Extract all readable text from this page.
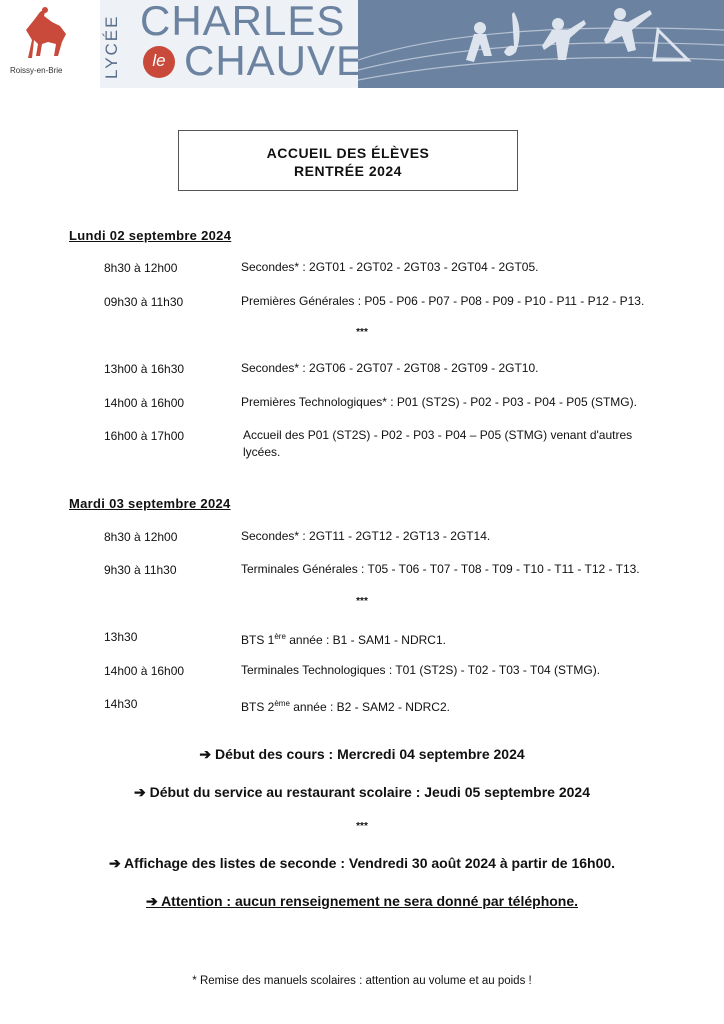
Roissy-en-Brie LYCÉE CHARLES
le CHAUVE
ACCUEIL DES ÉLÈVES
RENTRÉE 2024
Lundi 02 septembre 2024
8h30 à 12h00	Secondes* : 2GT01 - 2GT02 - 2GT03 - 2GT04 - 2GT05.
09h30 à 11h30	Premières Générales : P05 - P06 - P07 - P08 - P09 - P10 - P11 - P12 - P13.
***
13h00 à 16h30	Secondes* : 2GT06 - 2GT07 - 2GT08 - 2GT09 - 2GT10.
14h00 à 16h00	Premières Technologiques* : P01 (ST2S) - P02 - P03 - P04 - P05 (STMG).
16h00 à 17h00	Accueil des P01 (ST2S) - P02 - P03 - P04 – P05 (STMG) venant d'autres
lycées.
Mardi 03 septembre 2024
8h30 à 12h00	Secondes* : 2GT11 - 2GT12 - 2GT13 - 2GT14.
9h30 à 11h30	Terminales Générales : T05 - T06 - T07 - T08 - T09 - T10 - T11 - T12 - T13.
***
13h30	BTS 1ère année : B1 - SAM1 - NDRC1.
14h00 à 16h00	Terminales Technologiques : T01 (ST2S) - T02 - T03 - T04 (STMG).
14h30	BTS 2ème année : B2 - SAM2 - NDRC2.
➔ Début des cours : Mercredi 04 septembre 2024
➔ Début du service au restaurant scolaire : Jeudi 05 septembre 2024
***
➔ Affichage des listes de seconde : Vendredi 30 août 2024 à partir de 16h00.
➔ Attention : aucun renseignement ne sera donné par téléphone.
* Remise des manuels scolaires : attention au volume et au poids !
